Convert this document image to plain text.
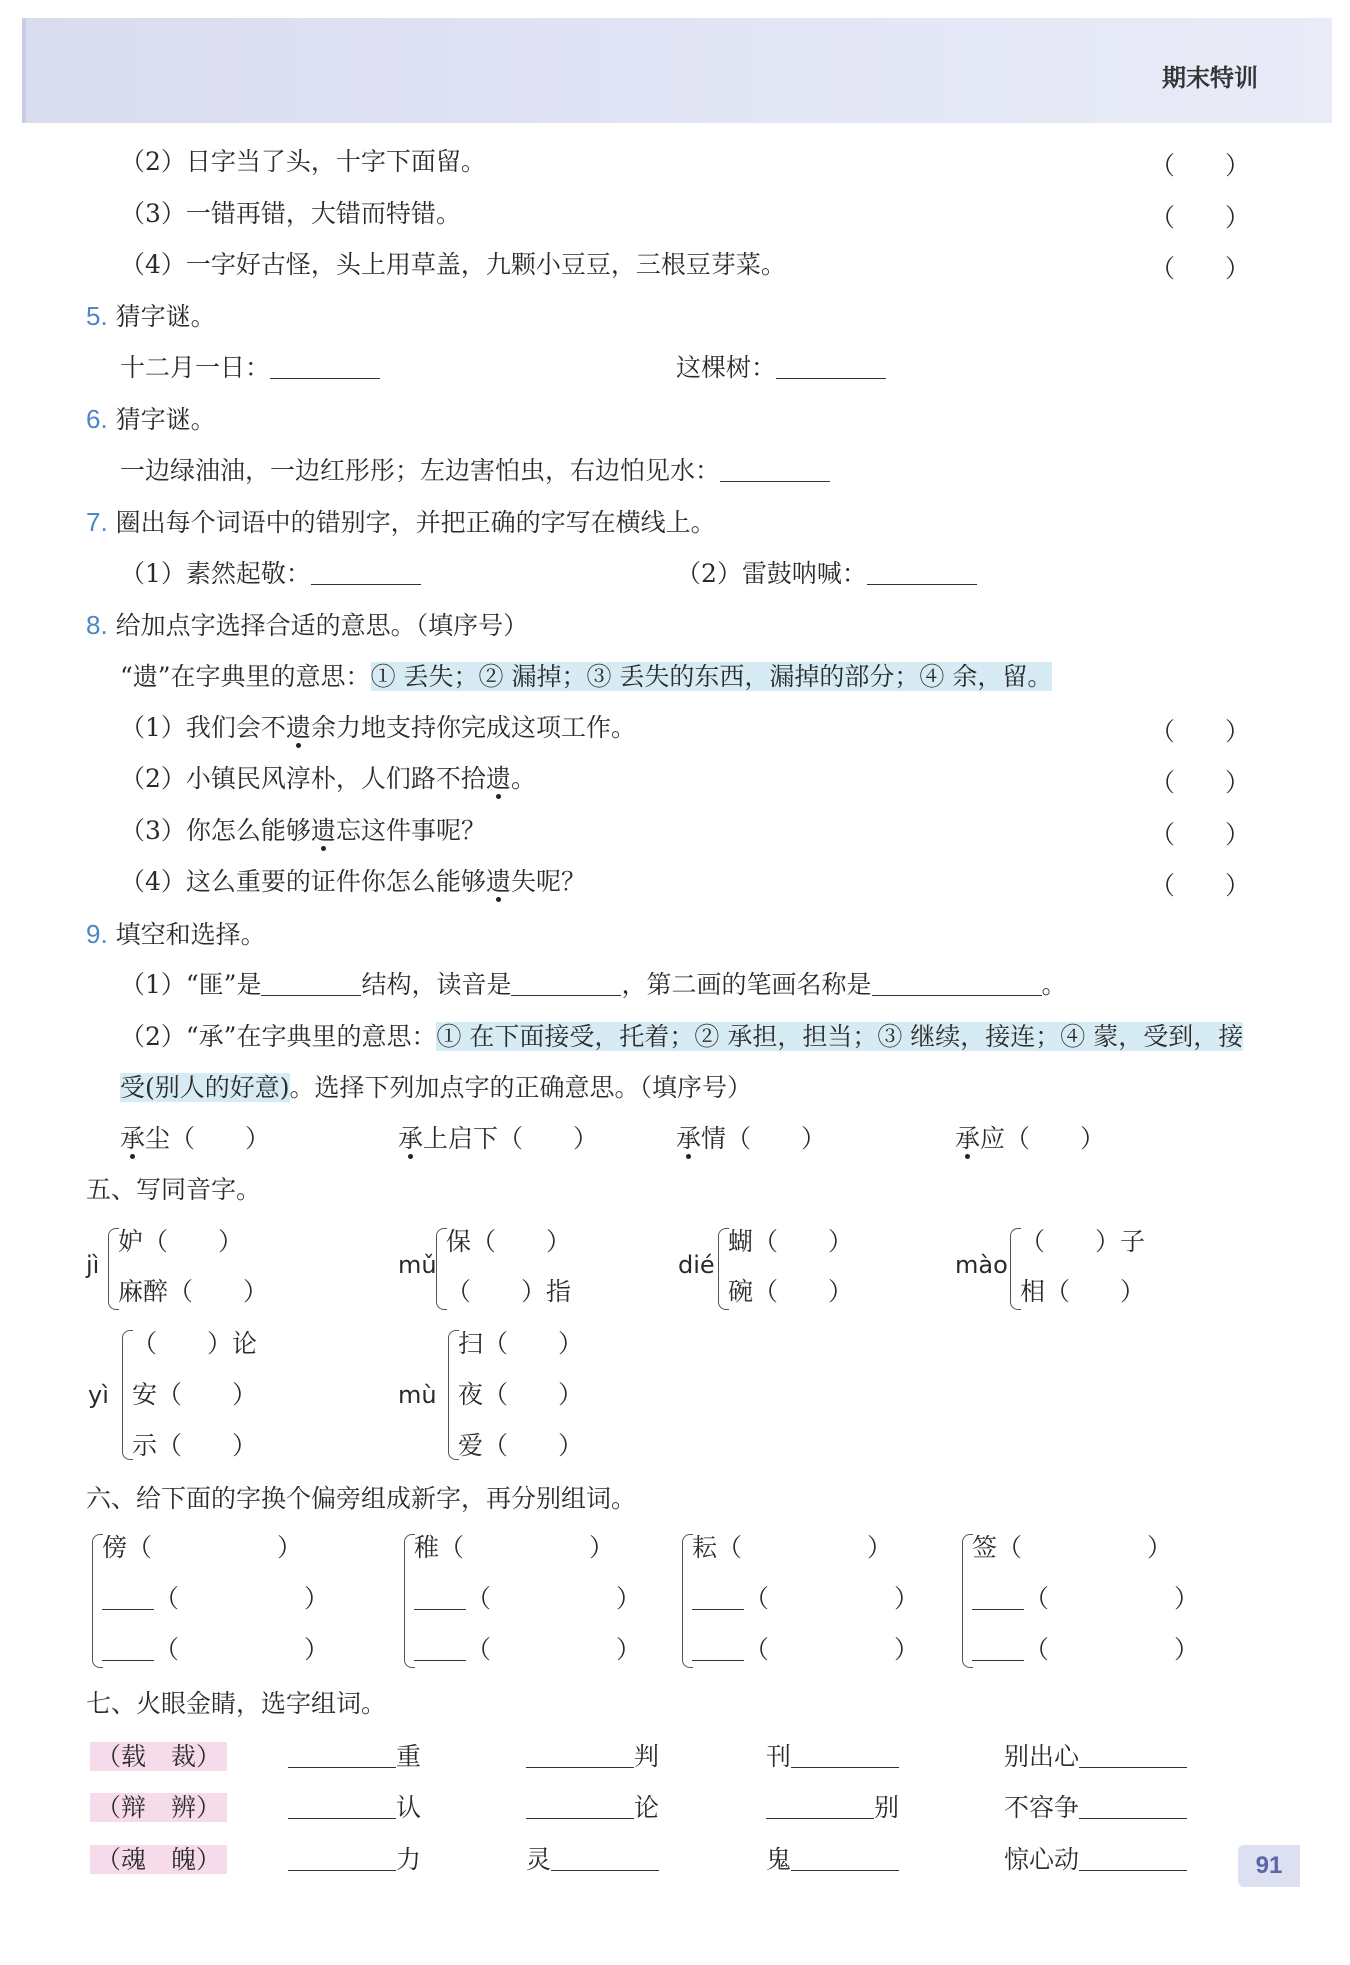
期末特训
（2）日字当了头，十字下面留。	（　　）
（3）一错再错，大错而特错。	（　　）
（4）一字好古怪，头上用草盖，九颗小豆豆，三根豆芽菜。	（　　）
5. 猜字谜。
十二月一日：	这棵树：
6. 猜字谜。
一边绿油油，一边红彤彤；左边害怕虫，右边怕见水：
7. 圈出每个词语中的错别字，并把正确的字写在横线上。
（1）素然起敬：	（2）雷鼓呐喊：
8. 给加点字选择合适的意思。（填序号）
“遗”在字典里的意思：① 丢失；② 漏掉；③ 丢失的东西，漏掉的部分；④ 余，留。
（1）我们会不遗余力地支持你完成这项工作。	（　　）
（2）小镇民风淳朴，人们路不拾遗。	（　　）
（3）你怎么能够遗忘这件事呢？	（　　）
（4）这么重要的证件你怎么能够遗失呢？	（　　）
9. 填空和选择。
（1）“匪”是	结构，读音是	，第二画的笔画名称是	。
（2）“承”在字典里的意思：① 在下面接受，托着；② 承担，担当；③ 继续，接连；④ 蒙，受到，接
受(别人的好意)。选择下列加点字的正确意思。（填序号）
承尘（　　）	承上启下（　　）	承情（　　）	承应（　　）
五、写同音字。
jì
妒（　　）
麻醉（　　）
mǔ
保（　　）
（　　）指
dié
蝴（　　）
碗（　　）
mào
（　　）子
相（　　）
yì
（　　）论
安（　　）
示（　　）
mù
扫（　　）
夜（　　）
爱（　　）
六、给下面的字换个偏旁组成新字，再分别组词。
傍（　　　　　）
（　　　　　）
（　　　　　）
稚（　　　　　）
（　　　　　）
（　　　　　）
耘（　　　　　）
（　　　　　）
（　　　　　）
签（　　　　　）
（　　　　　）
（　　　　　）
七、火眼金睛，选字组词。
（载　裁）	重	判	刊	别出心
（辩　辨）	认	论	别	不容争
（魂　魄）	力	灵	鬼	惊心动	91
